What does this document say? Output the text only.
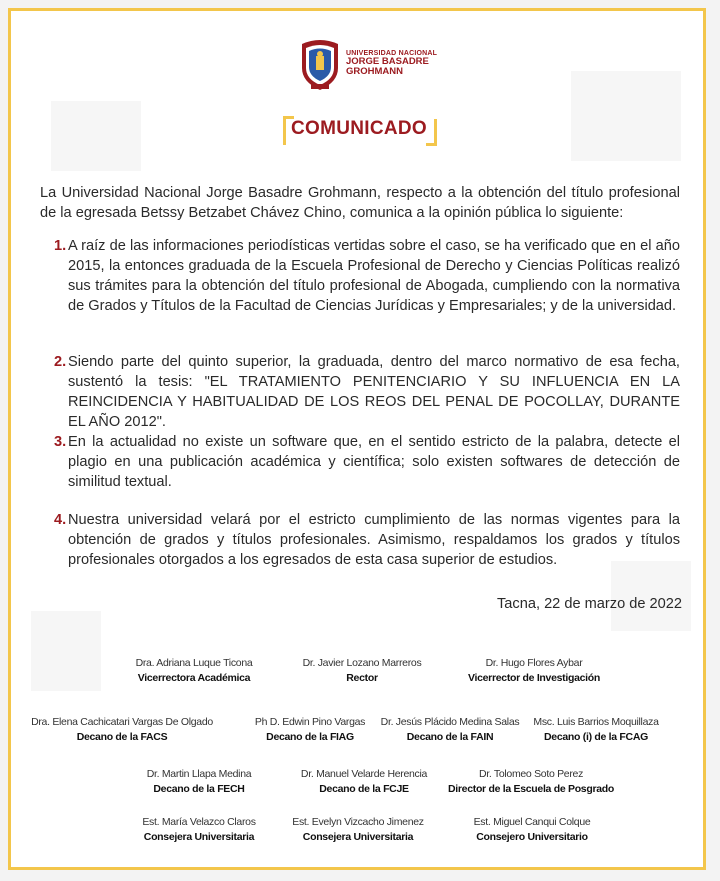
UNIVERSIDAD NACIONAL
JORGE BASADRE
GROHMANN
COMUNICADO
La Universidad Nacional Jorge Basadre Grohmann, respecto a la obtención del título profesional de la egresada Betssy Betzabet Chávez Chino, comunica a la opinión pública lo siguiente:
1. A raíz de las informaciones periodísticas vertidas sobre el caso, se ha verificado que en el año 2015, la entonces graduada de la Escuela Profesional de Derecho y Ciencias Políticas realizó sus trámites para la obtención del título profesional de Abogada, cumpliendo con la normativa de Grados y Títulos de la Facultad de Ciencias Jurídicas y Empresariales; y de la universidad.
2. Siendo parte del quinto superior, la graduada, dentro del marco normativo de esa fecha, sustentó la tesis: "EL TRATAMIENTO PENITENCIARIO Y SU INFLUENCIA EN LA REINCIDENCIA Y HABITUALIDAD DE LOS REOS DEL PENAL DE POCOLLAY, DURANTE EL AÑO 2012".
3. En la actualidad no existe un software que, en el sentido estricto de la palabra, detecte el plagio en una publicación académica y científica; solo existen softwares de detección de similitud textual.
4. Nuestra universidad velará por el estricto cumplimiento de las normas vigentes para la obtención de grados y títulos profesionales. Asimismo, respaldamos los grados y títulos profesionales otorgados a los egresados de esta casa superior de estudios.
Tacna, 22 de marzo de 2022
Dra. Adriana Luque Ticona
Vicerrectora Académica
Dr. Javier Lozano Marreros
Rector
Dr. Hugo Flores Aybar
Vicerrector de Investigación
Dra. Elena Cachicatari Vargas De Olgado
Decano de la FACS
Ph D. Edwin Pino Vargas
Decano de la FIAG
Dr. Jesús Plácido Medina Salas
Decano de la FAIN
Msc. Luis Barrios Moquillaza
Decano (i) de la FCAG
Dr. Martin Llapa Medina
Decano de la FECH
Dr. Manuel Velarde Herencia
Decano de la FCJE
Dr. Tolomeo Soto Perez
Director de la Escuela de Posgrado
Est. María Velazco Claros
Consejera Universitaria
Est. Evelyn Vizcacho Jimenez
Consejera Universitaria
Est. Miguel Canqui Colque
Consejero Universitario
